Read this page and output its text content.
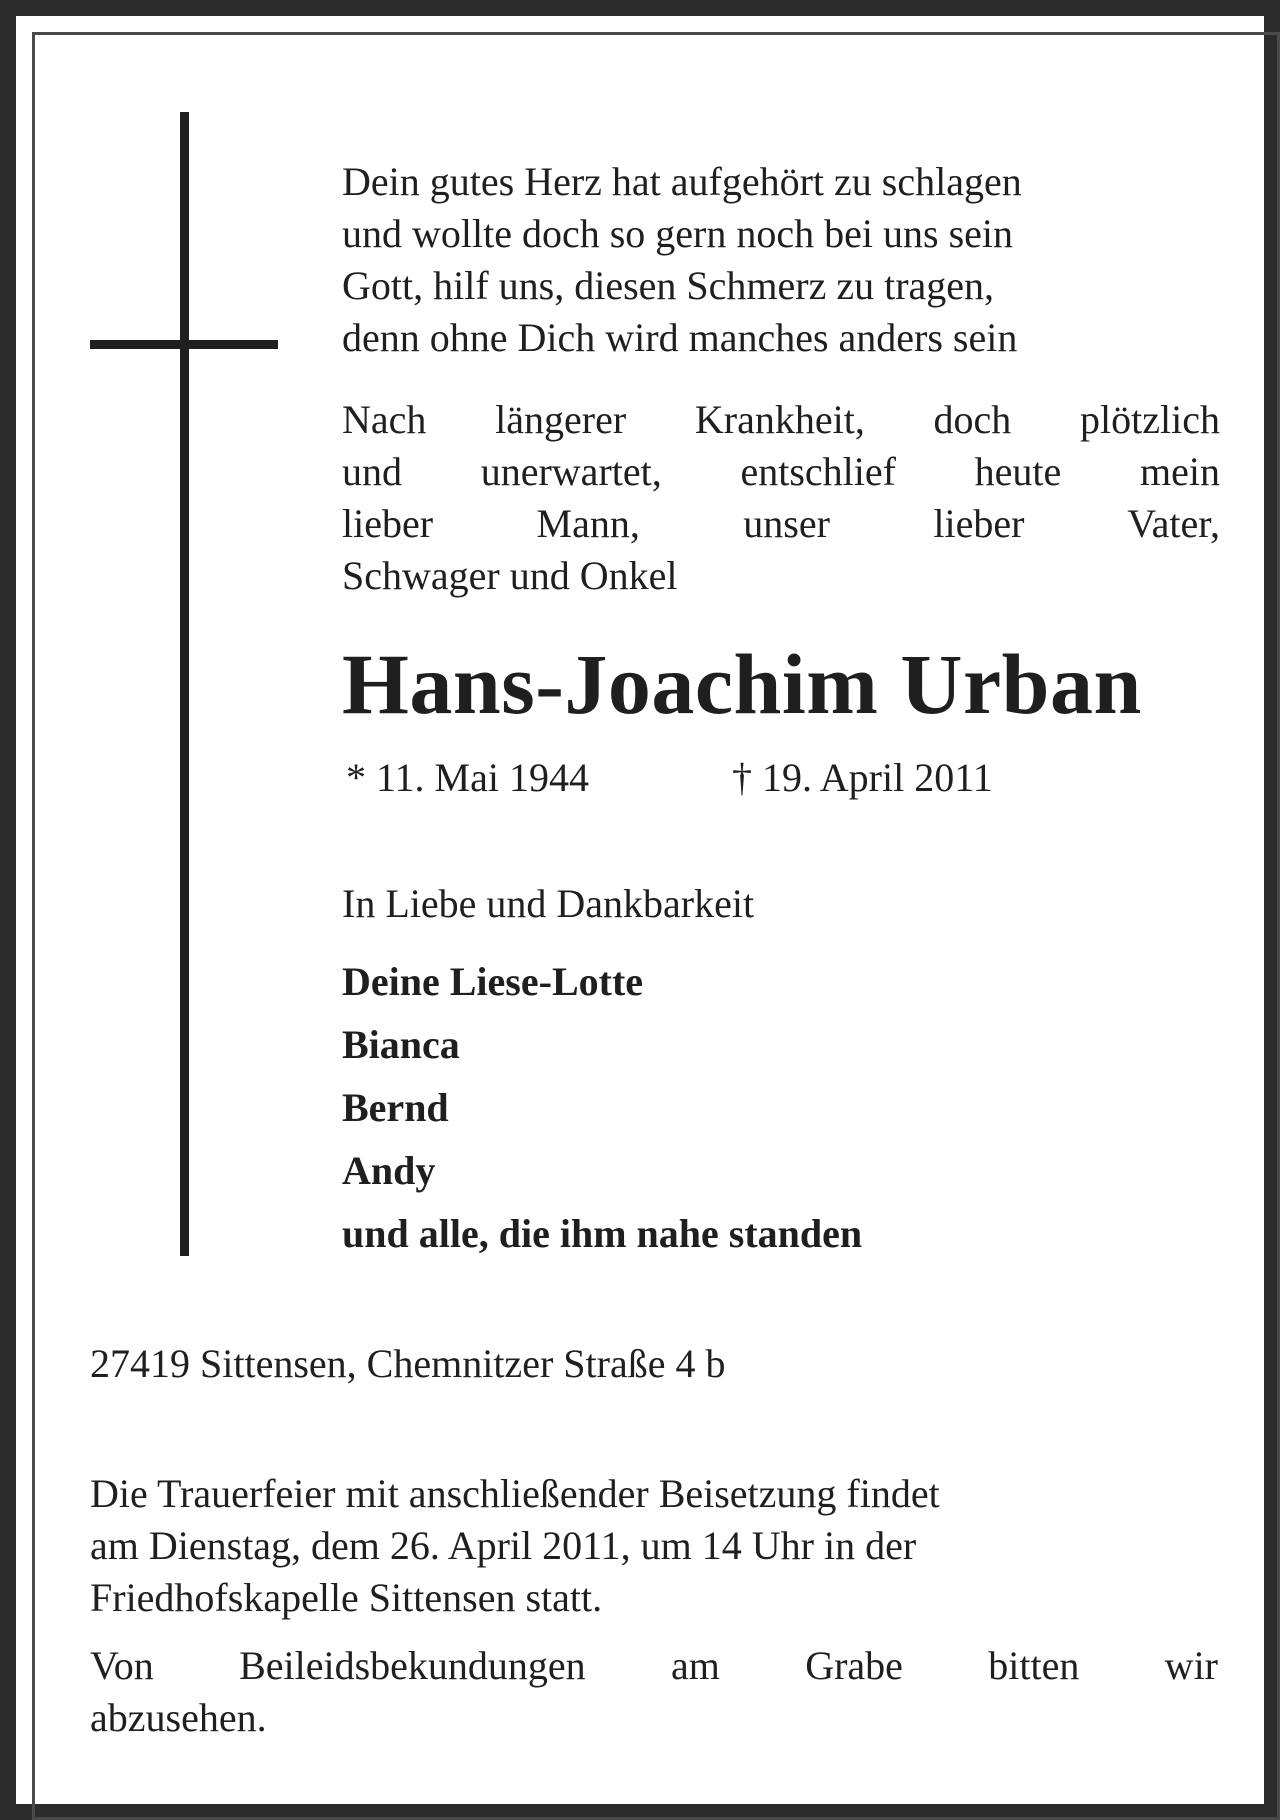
Dein gutes Herz hat aufgehört zu schlagen
und wollte doch so gern noch bei uns sein
Gott, hilf uns, diesen Schmerz zu tragen,
denn ohne Dich wird manches anders sein

Nach längerer Krankheit, doch plötzlich
und unerwartet, entschlief heute mein
lieber Mann, unser lieber Vater,
Schwager und Onkel

Hans-Joachim Urban
* 11. Mai 1944	† 19. April 2011

In Liebe und Dankbarkeit

Deine Liese-Lotte
Bianca
Bernd
Andy
und alle, die ihm nahe standen

27419 Sittensen, Chemnitzer Straße 4 b

Die Trauerfeier mit anschließender Beisetzung findet
am Dienstag, dem 26. April 2011, um 14 Uhr in der
Friedhofskapelle Sittensen statt.

Von Beileidsbekundungen am Grabe bitten wir
abzusehen.
